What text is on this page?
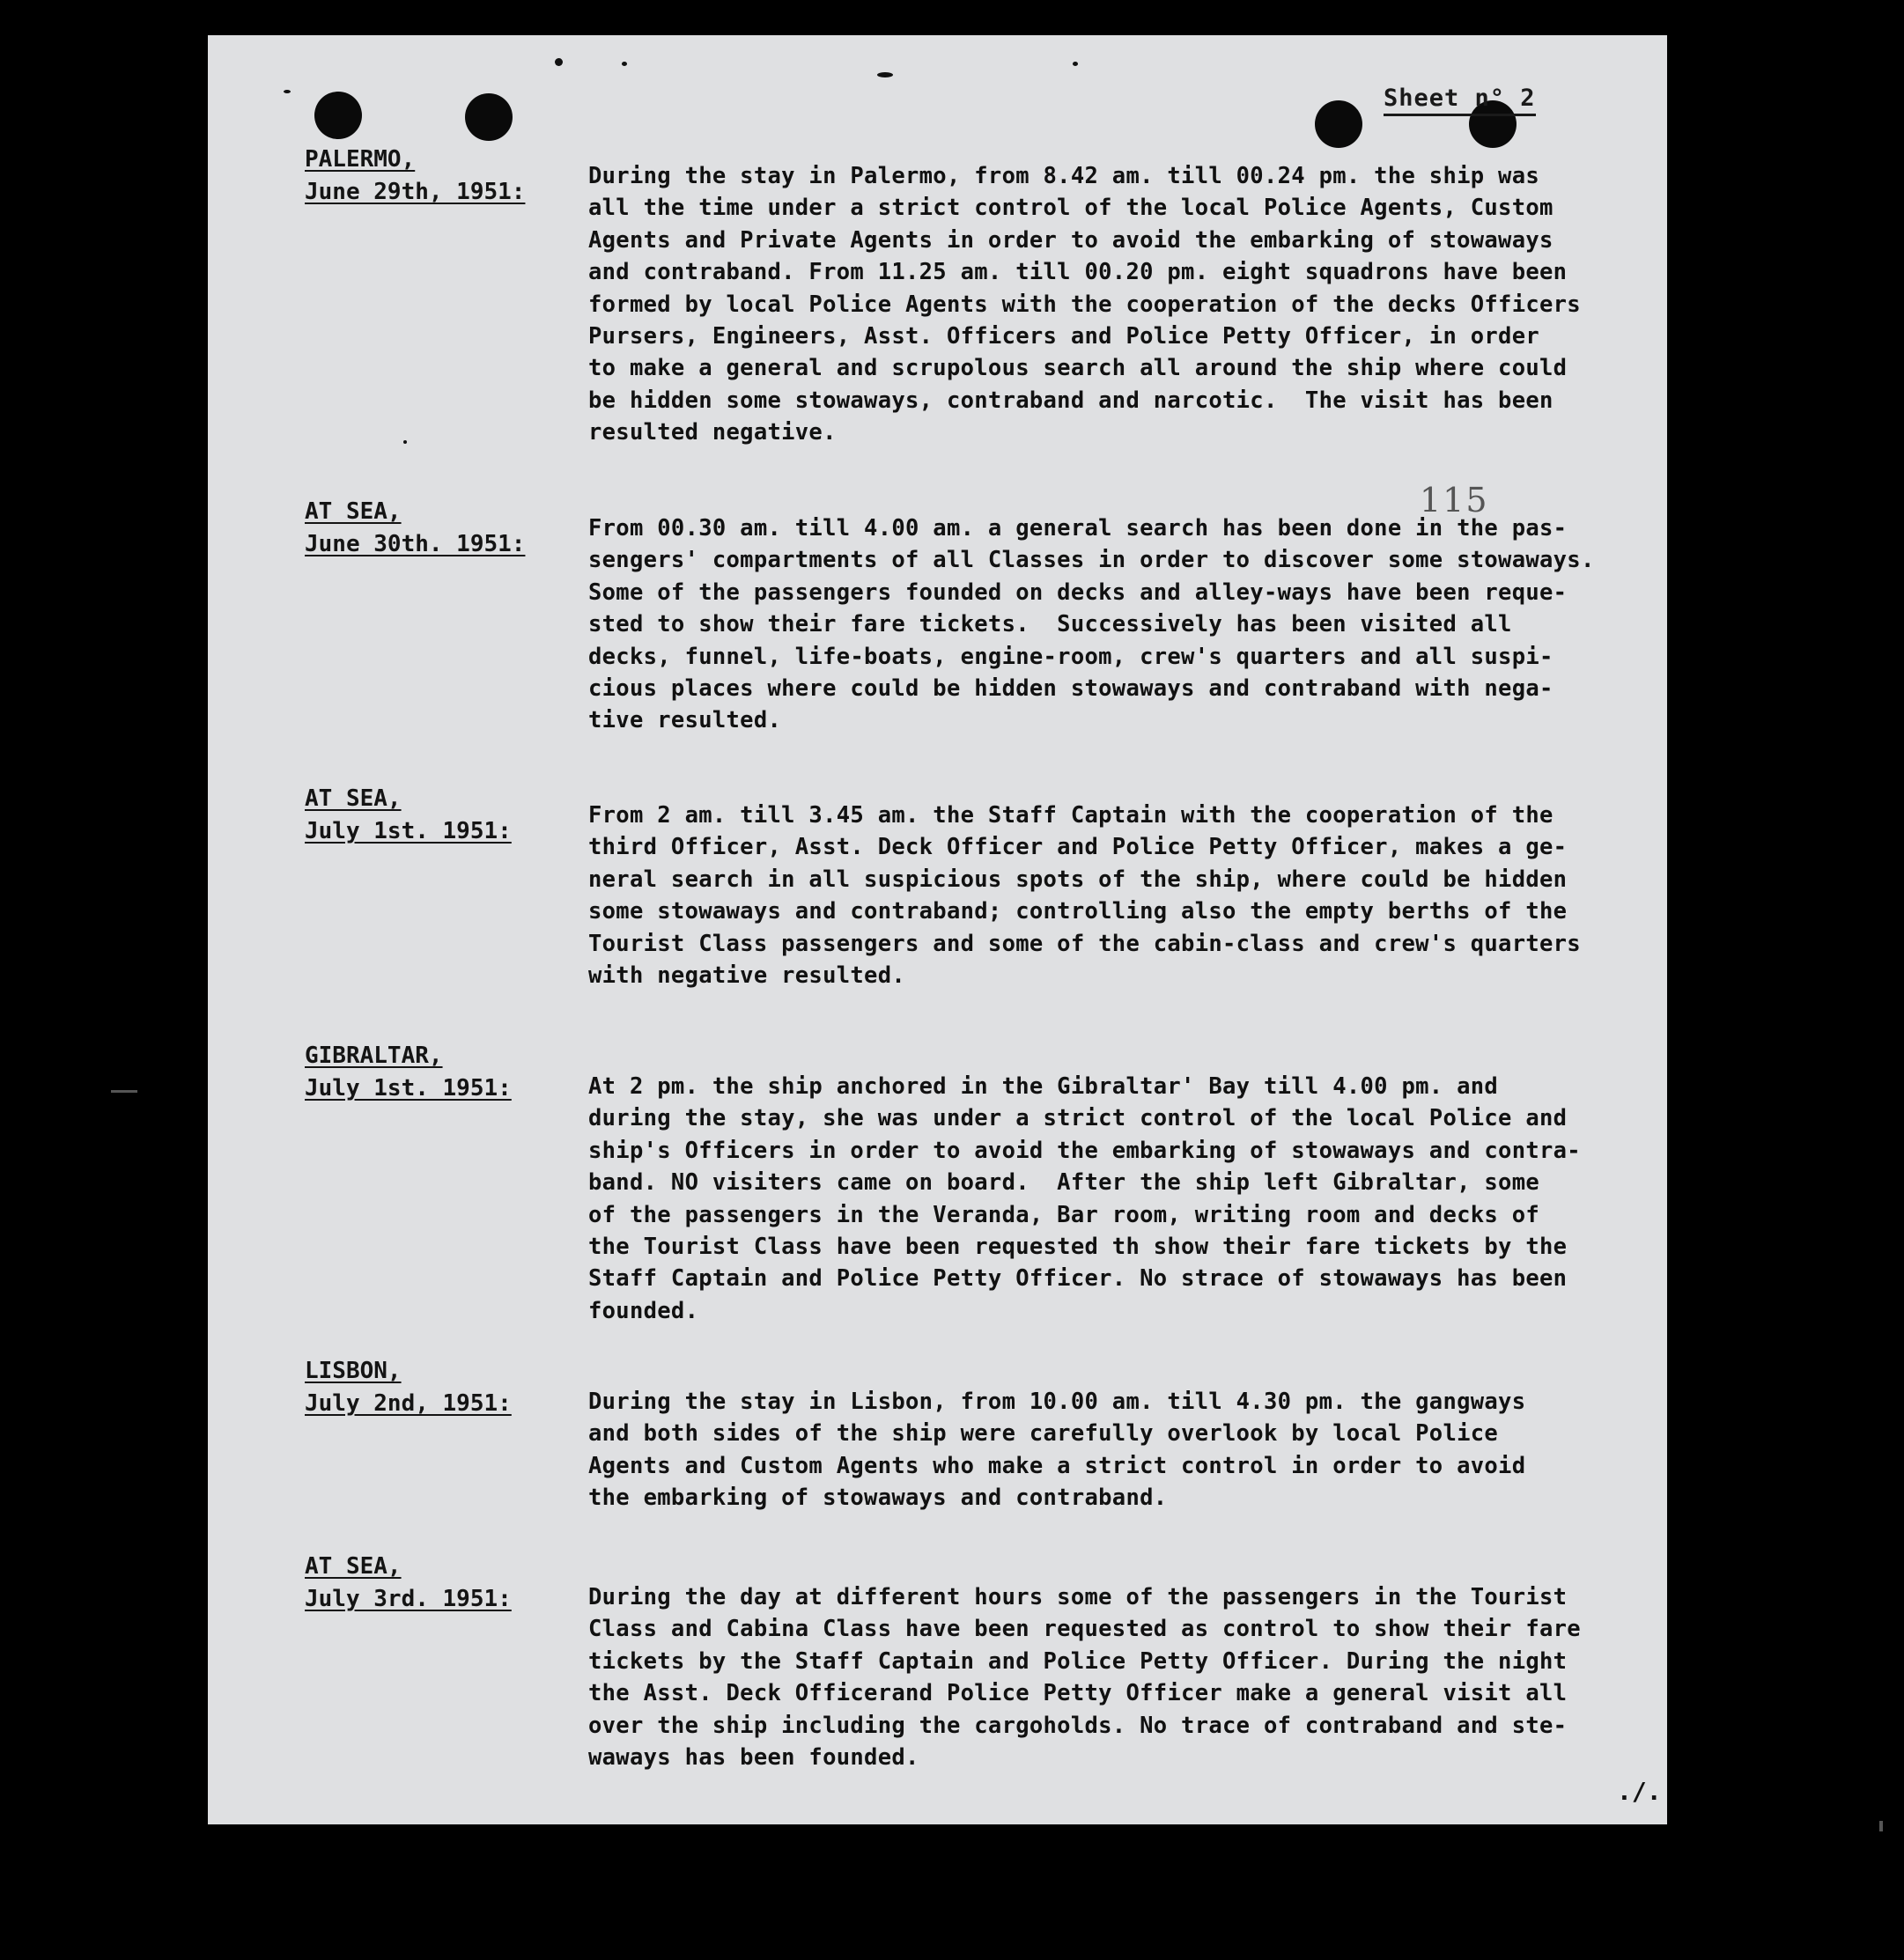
Sheet n° 2
115
PALERMO,
June 29th, 1951:
During the stay in Palermo, from 8.42 am. till 00.24 pm. the ship was
all the time under a strict control of the local Police Agents, Custom
Agents and Private Agents in order to avoid the embarking of stowaways
and contraband. From 11.25 am. till 00.20 pm. eight squadrons have been
formed by local Police Agents with the cooperation of the decks Officers
Pursers, Engineers, Asst. Officers and Police Petty Officer, in order
to make a general and scrupolous search all around the ship where could
be hidden some stowaways, contraband and narcotic.  The visit has been
resulted negative.
AT SEA,
June 30th. 1951:
From 00.30 am. till 4.00 am. a general search has been done in the pas-
sengers' compartments of all Classes in order to discover some stowaways.
Some of the passengers founded on decks and alley-ways have been reque-
sted to show their fare tickets.  Successively has been visited all
decks, funnel, life-boats, engine-room, crew's quarters and all suspi-
cious places where could be hidden stowaways and contraband with nega-
tive resulted.
AT SEA,
July 1st. 1951:
From 2 am. till 3.45 am. the Staff Captain with the cooperation of the
third Officer, Asst. Deck Officer and Police Petty Officer, makes a ge-
neral search in all suspicious spots of the ship, where could be hidden
some stowaways and contraband; controlling also the empty berths of the
Tourist Class passengers and some of the cabin-class and crew's quarters
with negative resulted.
GIBRALTAR,
July 1st. 1951:	At 2 pm. the ship anchored in the Gibraltar' Bay till 4.00 pm. and
during the stay, she was under a strict control of the local Police and
ship's Officers in order to avoid the embarking of stowaways and contra-
band. NO visiters came on board.  After the ship left Gibraltar, some
of the passengers in the Veranda, Bar room, writing room and decks of
the Tourist Class have been requested th show their fare tickets by the
Staff Captain and Police Petty Officer. No strace of stowaways has been
founded.
LISBON,
July 2nd, 1951:	During the stay in Lisbon, from 10.00 am. till 4.30 pm. the gangways
and both sides of the ship were carefully overlook by local Police
Agents and Custom Agents who make a strict control in order to avoid
the embarking of stowaways and contraband.
AT SEA,
July 3rd. 1951:	During the day at different hours some of the passengers in the Tourist
Class and Cabina Class have been requested as control to show their fare
tickets by the Staff Captain and Police Petty Officer. During the night
the Asst. Deck Officerand Police Petty Officer make a general visit all
over the ship including the cargoholds. No trace of contraband and ste-
waways has been founded.
./.
